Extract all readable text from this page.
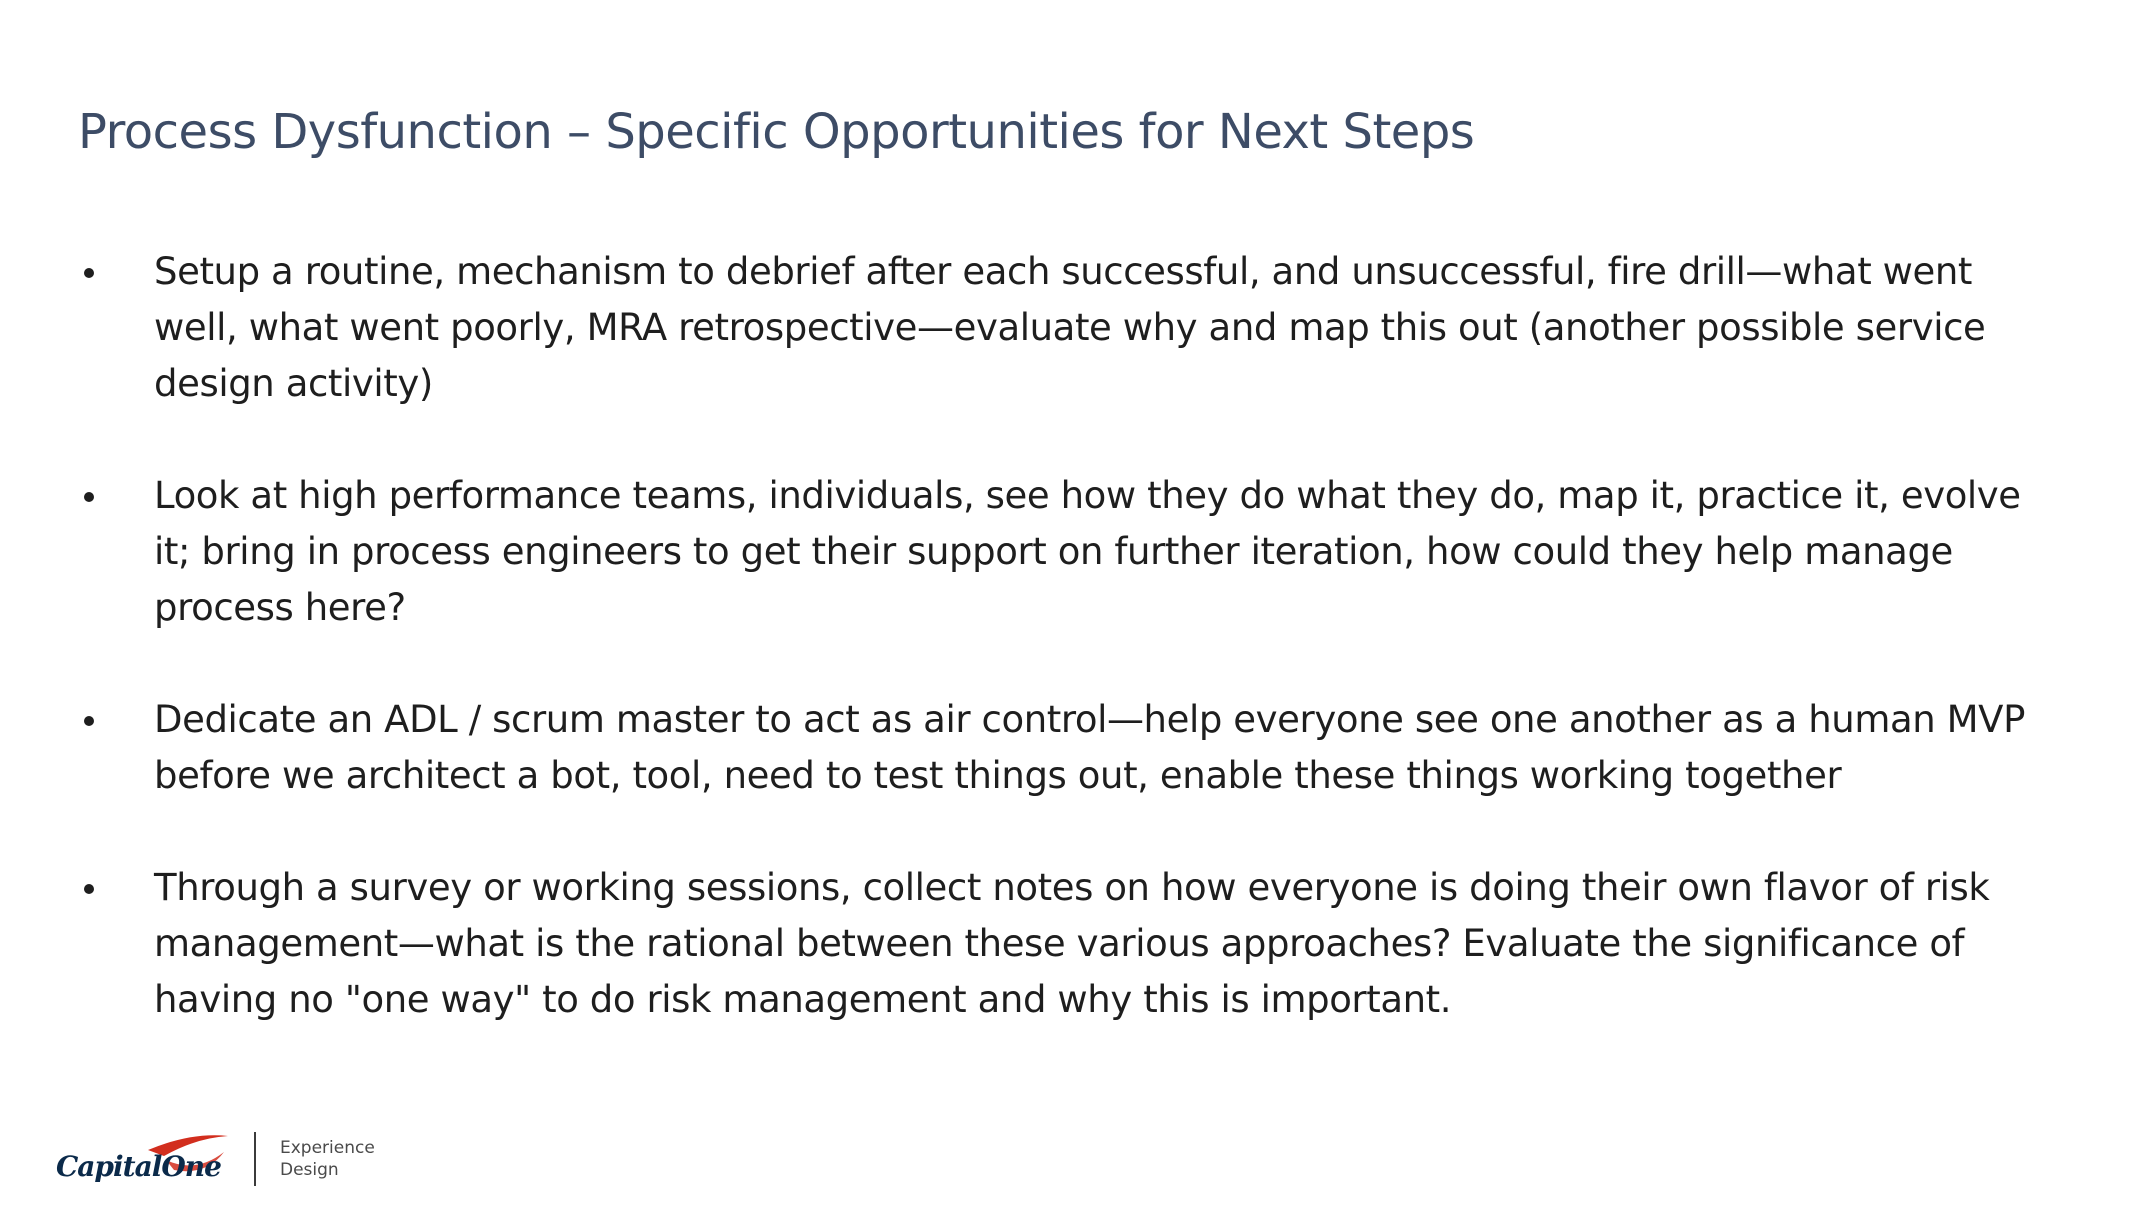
Process Dysfunction – Specific Opportunities for Next Steps
Setup a routine, mechanism to debrief after each successful, and unsuccessful, fire drill—what went well, what went poorly, MRA retrospective—evaluate why and map this out (another possible service design activity)
Look at high performance teams, individuals, see how they do what they do, map it, practice it, evolve it; bring in process engineers to get their support on further iteration, how could they help manage process here?
Dedicate an ADL / scrum master to act as air control—help everyone see one another as a human MVP before we architect a bot, tool, need to test things out, enable these things working together
Through a survey or working sessions, collect notes on how everyone is doing their own flavor of risk management—what is the rational between these various approaches? Evaluate the significance of having no "one way" to do risk management and why this is important.
CapitalOne
Experience
Design
